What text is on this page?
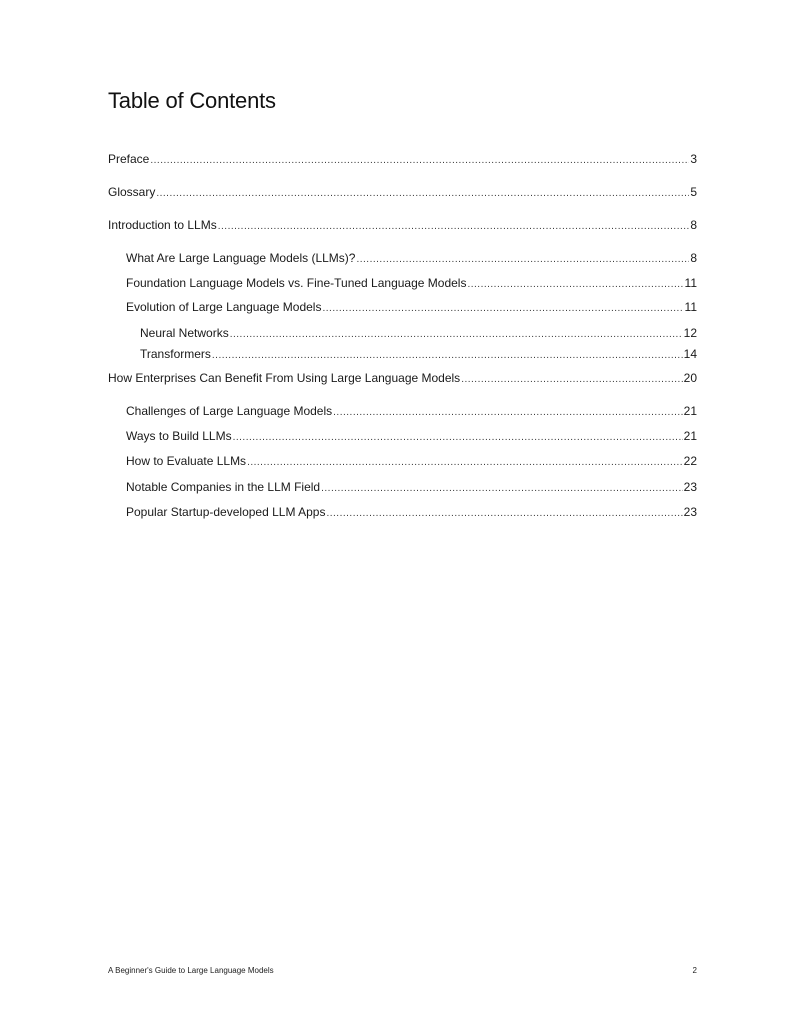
Table of Contents
Preface .....	3
Glossary .....	5
Introduction to LLMs .....	8
What Are Large Language Models (LLMs)? .....	8
Foundation Language Models vs. Fine-Tuned Language Models .....	11
Evolution of Large Language Models .....	11
Neural Networks .....	12
Transformers .....	14
How Enterprises Can Benefit From Using Large Language Models .....	20
Challenges of Large Language Models .....	21
Ways to Build LLMs .....	21
How to Evaluate LLMs .....	22
Notable Companies in the LLM Field .....	23
Popular Startup-developed LLM Apps .....	23
A Beginner's Guide to Large Language Models	2
